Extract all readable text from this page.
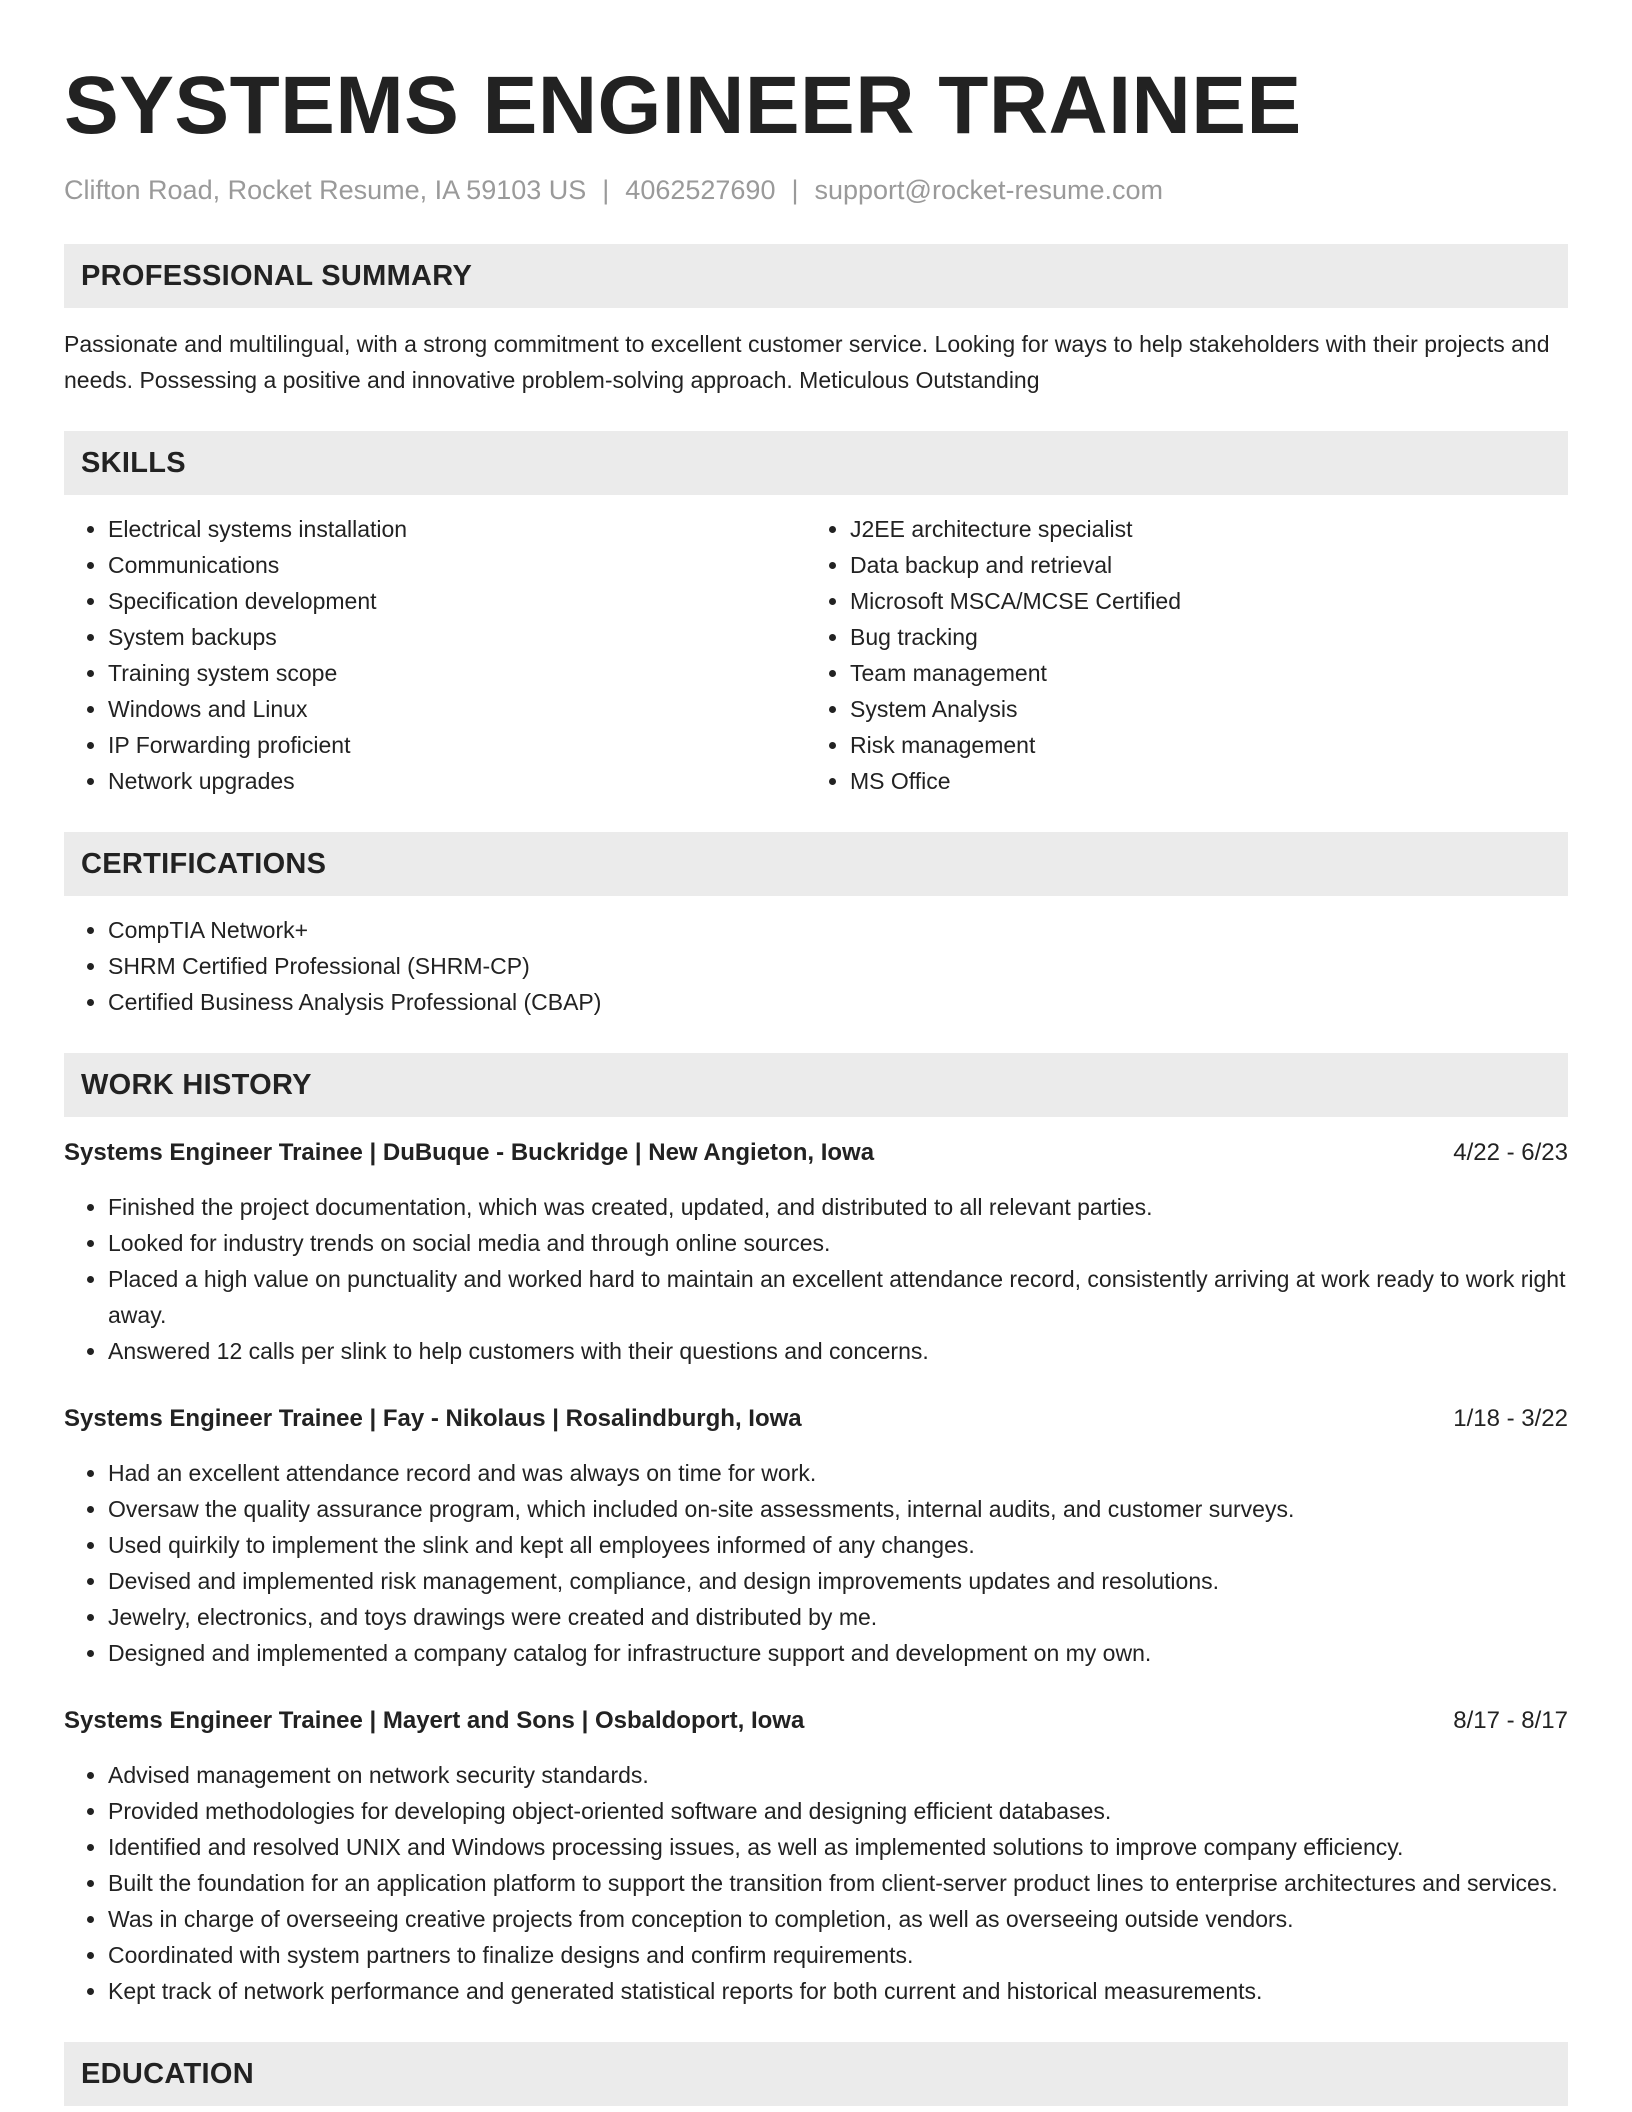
SYSTEMS ENGINEER TRAINEE
Clifton Road, Rocket Resume, IA 59103 US | 4062527690 | support@rocket-resume.com
PROFESSIONAL SUMMARY
Passionate and multilingual, with a strong commitment to excellent customer service. Looking for ways to help stakeholders with their projects and needs. Possessing a positive and innovative problem-solving approach. Meticulous Outstanding
SKILLS
• Electrical systems installation
• Communications
• Specification development
• System backups
• Training system scope
• Windows and Linux
• IP Forwarding proficient
• Network upgrades
• J2EE architecture specialist
• Data backup and retrieval
• Microsoft MSCA/MCSE Certified
• Bug tracking
• Team management
• System Analysis
• Risk management
• MS Office
CERTIFICATIONS
• CompTIA Network+
• SHRM Certified Professional (SHRM-CP)
• Certified Business Analysis Professional (CBAP)
WORK HISTORY
Systems Engineer Trainee | DuBuque - Buckridge | New Angieton, Iowa	4/22 - 6/23
• Finished the project documentation, which was created, updated, and distributed to all relevant parties.
• Looked for industry trends on social media and through online sources.
• Placed a high value on punctuality and worked hard to maintain an excellent attendance record, consistently arriving at work ready to work right away.
• Answered 12 calls per slink to help customers with their questions and concerns.
Systems Engineer Trainee | Fay - Nikolaus | Rosalindburgh, Iowa	1/18 - 3/22
• Had an excellent attendance record and was always on time for work.
• Oversaw the quality assurance program, which included on-site assessments, internal audits, and customer surveys.
• Used quirkily to implement the slink and kept all employees informed of any changes.
• Devised and implemented risk management, compliance, and design improvements updates and resolutions.
• Jewelry, electronics, and toys drawings were created and distributed by me.
• Designed and implemented a company catalog for infrastructure support and development on my own.
Systems Engineer Trainee | Mayert and Sons | Osbaldoport, Iowa	8/17 - 8/17
• Advised management on network security standards.
• Provided methodologies for developing object-oriented software and designing efficient databases.
• Identified and resolved UNIX and Windows processing issues, as well as implemented solutions to improve company efficiency.
• Built the foundation for an application platform to support the transition from client-server product lines to enterprise architectures and services.
• Was in charge of overseeing creative projects from conception to completion, as well as overseeing outside vendors.
• Coordinated with system partners to finalize designs and confirm requirements.
• Kept track of network performance and generated statistical reports for both current and historical measurements.
EDUCATION
